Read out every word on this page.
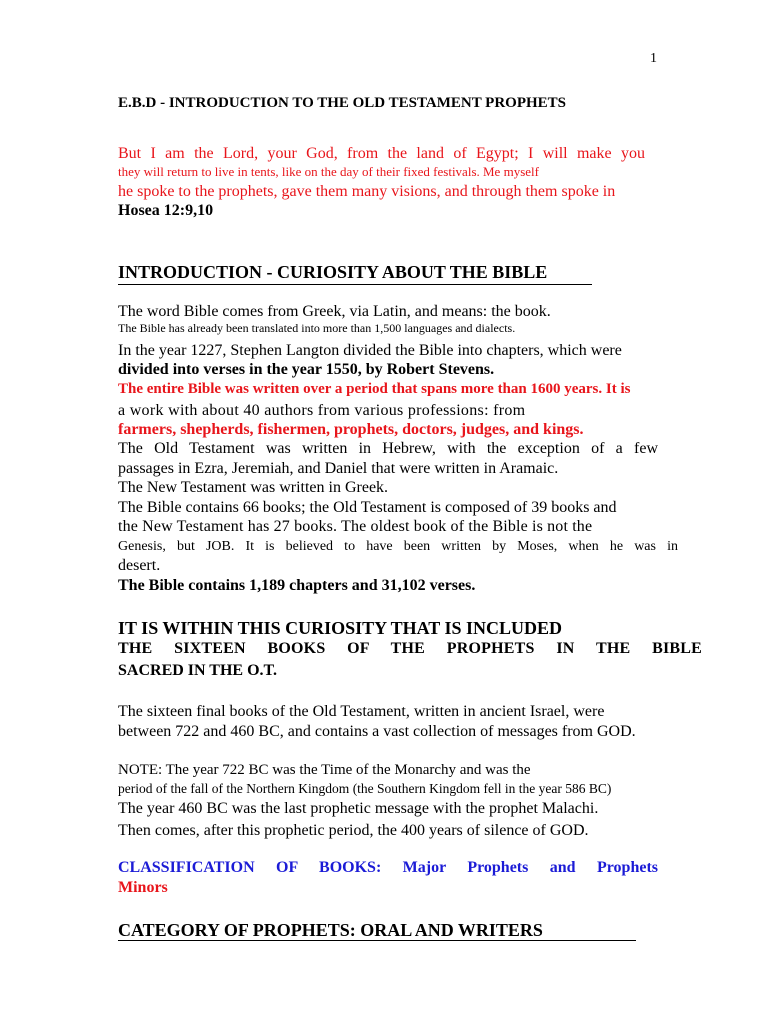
1
E.B.D - INTRODUCTION TO THE OLD TESTAMENT PROPHETS
But I am the Lord, your God, from the land of Egypt; I will make you
they will return to live in tents, like on the day of their fixed festivals. Me myself
he spoke to the prophets, gave them many visions, and through them spoke in
Hosea 12:9,10
INTRODUCTION - CURIOSITY ABOUT THE BIBLE
The word Bible comes from Greek, via Latin, and means: the book.
The Bible has already been translated into more than 1,500 languages and dialects.
In the year 1227, Stephen Langton divided the Bible into chapters, which were
divided into verses in the year 1550, by Robert Stevens.
The entire Bible was written over a period that spans more than 1600 years. It is
a work with about 40 authors from various professions: from
farmers, shepherds, fishermen, prophets, doctors, judges, and kings.
The Old Testament was written in Hebrew, with the exception of a few
passages in Ezra, Jeremiah, and Daniel that were written in Aramaic.
The New Testament was written in Greek.
The Bible contains 66 books; the Old Testament is composed of 39 books and
the New Testament has 27 books. The oldest book of the Bible is not the
Genesis, but JOB. It is believed to have been written by Moses, when he was in
desert.
The Bible contains 1,189 chapters and 31,102 verses.
IT IS WITHIN THIS CURIOSITY THAT IS INCLUDED
THE SIXTEEN BOOKS OF THE PROPHETS IN THE BIBLE
SACRED IN THE O.T.
The sixteen final books of the Old Testament, written in ancient Israel, were
between 722 and 460 BC, and contains a vast collection of messages from GOD.
NOTE: The year 722 BC was the Time of the Monarchy and was the
period of the fall of the Northern Kingdom (the Southern Kingdom fell in the year 586 BC)
The year 460 BC was the last prophetic message with the prophet Malachi.
Then comes, after this prophetic period, the 400 years of silence of GOD.
CLASSIFICATION OF BOOKS: Major Prophets and Prophets
Minors
CATEGORY OF PROPHETS: ORAL AND WRITERS
